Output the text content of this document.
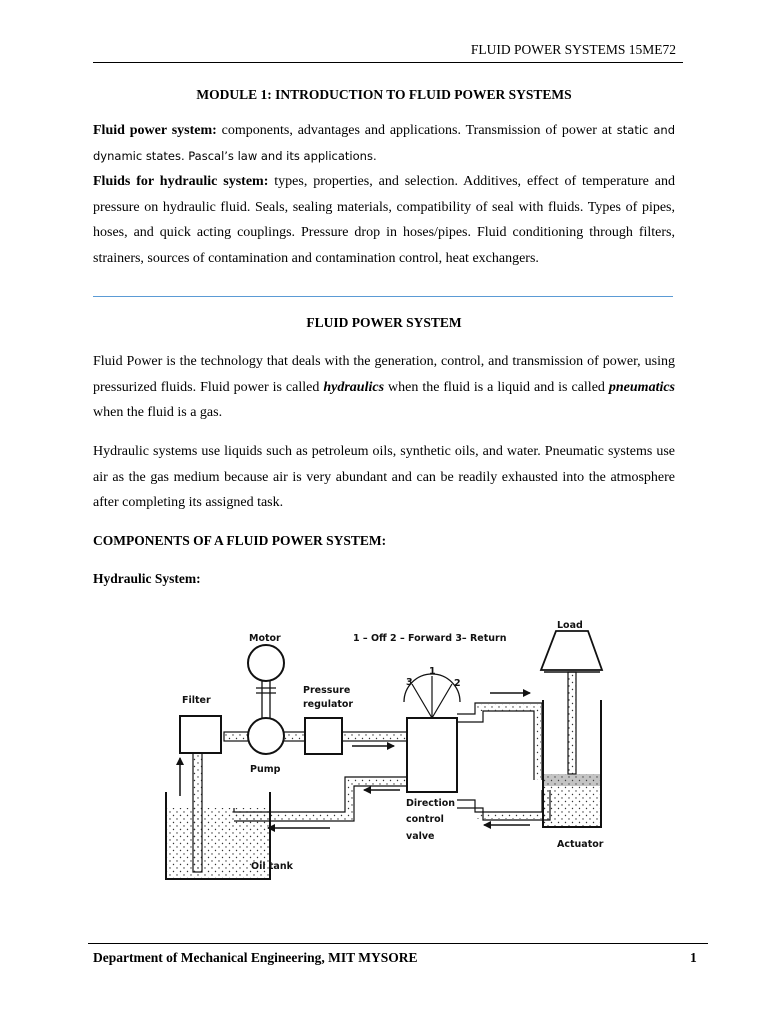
FLUID POWER SYSTEMS 15ME72
MODULE 1: INTRODUCTION TO FLUID POWER SYSTEMS
Fluid power system: components, advantages and applications. Transmission of power at static and dynamic states. Pascal’s law and its applications.
Fluids for hydraulic system: types, properties, and selection. Additives, effect of temperature and pressure on hydraulic fluid. Seals, sealing materials, compatibility of seal with fluids. Types of pipes, hoses, and quick acting couplings. Pressure drop in hoses/pipes. Fluid conditioning through filters, strainers, sources of contamination and contamination control, heat exchangers.
FLUID POWER SYSTEM
Fluid Power is the technology that deals with the generation, control, and transmission of power, using pressurized fluids. Fluid power is called hydraulics when the fluid is a liquid and is called pneumatics when the fluid is a gas.
Hydraulic systems use liquids such as petroleum oils, synthetic oils, and water. Pneumatic systems use air as the gas medium because air is very abundant and can be readily exhausted into the atmosphere after completing its assigned task.
COMPONENTS OF A FLUID POWER SYSTEM:
Hydraulic System:
Filter
Motor
Pump
Pressure
regulator
1 – Off 2 – Forward 3– Return
1
3	2
Direction
control
valve
Load
Actuator
Oil tank
Department of Mechanical Engineering, MIT MYSORE	1
